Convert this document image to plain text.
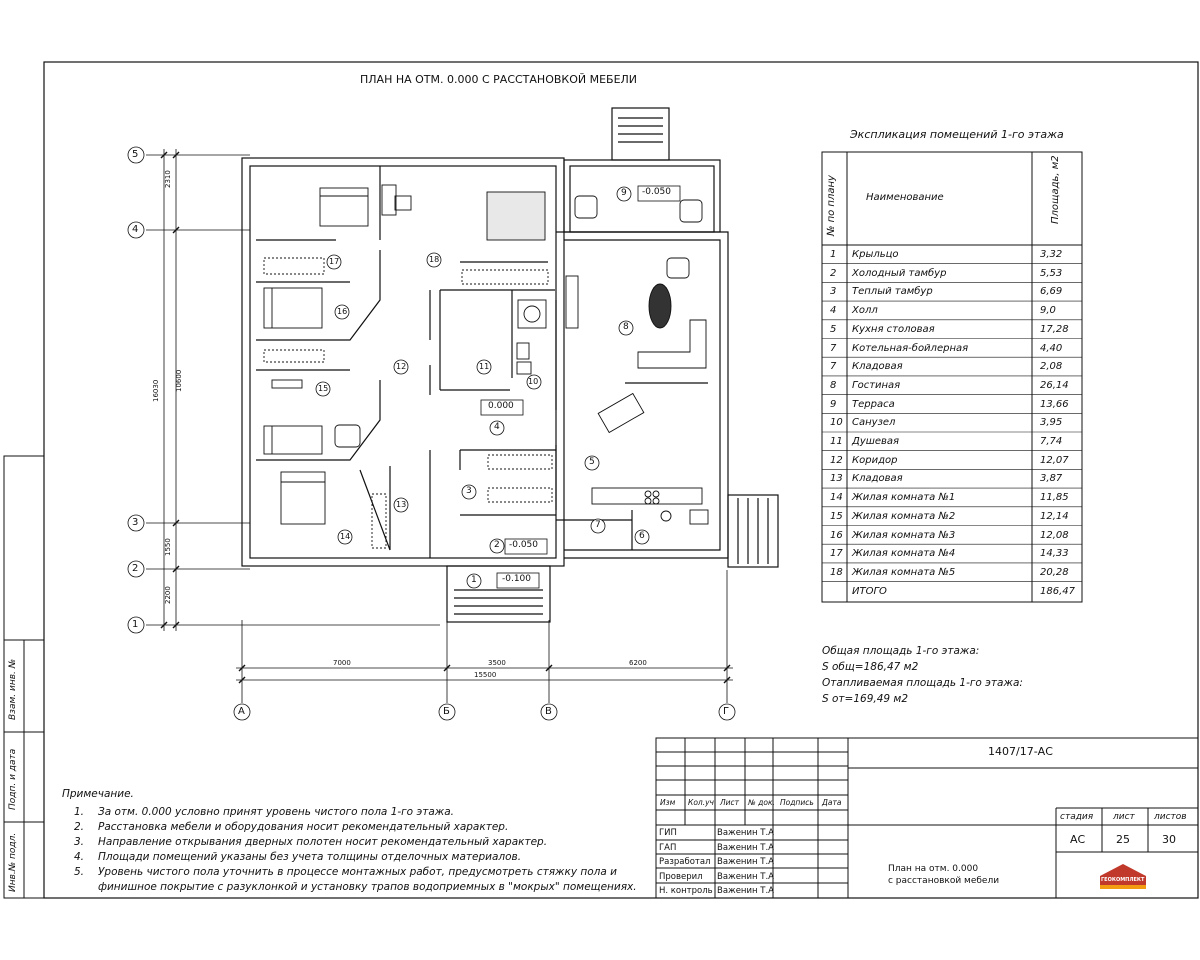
ПЛАН НА ОТМ. 0.000 С РАССТАНОВКОЙ МЕБЕЛИ
5
4
3
2
1
А	Б	В	Г
7000	3500	6200
15500
2310
1550
2200
10600
16030
1
2
3
4
5
6
7
8
9
10
11
12
13
14
15
16
17	18
-0.050
0.000
-0.050
-0.100
Экспликация помещений 1-го этажа
№ по плану	Наименование	Площадь, м2
1 Крыльцо	3,32
2 Холодный тамбур	5,53
3 Теплый тамбур	6,69
4 Холл	9,0
5 Кухня столовая	17,28
7 Котельная-бойлерная	4,40
7 Кладовая	2,08
8 Гостиная	26,14
9 Терраса	13,66
10 Санузел	3,95
11 Душевая	7,74
12 Коридор	12,07
13 Кладовая	3,87
14 Жилая комната №1	11,85
15 Жилая комната №2	12,14
16 Жилая комната №3	12,08
17 Жилая комната №4	14,33
18 Жилая комната №5	20,28
ИТОГО	186,47
Общая площадь 1-го этажа:
S общ=186,47 м2
Отапливаемая площадь 1-го этажа:
S от=169,49 м2
Примечание.
1. За отм. 0.000 условно принят уровень чистого пола 1-го этажа.
2. Расстановка мебели и оборудования носит рекомендательный характер.
3. Направление открывания дверных полотен носит рекомендательный характер.
4. Площади помещений указаны без учета толщины отделочных материалов.
5. Уровень чистого пола уточнить в процессе монтажных работ, предусмотреть стяжку пола и
финишное покрытие с разуклонкой и установку трапов водоприемных в "мокрых" помещениях.
Взам. инв. №
Подп. и дата
Инв.№ подл.
1407/17-АС
Изм Кол.уч Лист № док. Подпись Дата
ГИП	Важенин Т.А
ГАП	Важенин Т.А
Разработал Важенин Т.А
Проверил Важенин Т.А
Н. контроль Важенин Т.А
План на отм. 0.000
с расстановкой мебели
стадия лист листов
АС	25	30
ГЕОКОМПЛЕКТ
